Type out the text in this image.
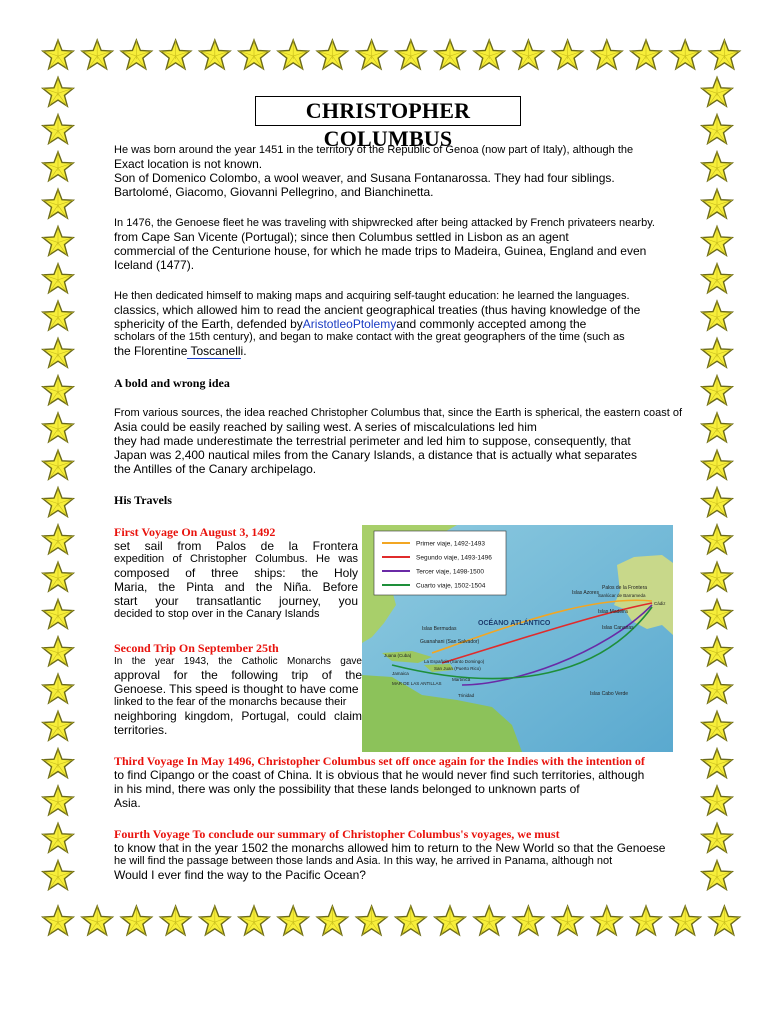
CHRISTOPHER COLUMBUS
He was born around the year 1451 in the territory of the Republic of Genoa (now part of Italy), although the
Exact location is not known.
Son of Domenico Colombo, a wool weaver, and Susana Fontanarossa. They had four siblings.
Bartolomé, Giacomo, Giovanni Pellegrino, and Bianchinetta.
In 1476, the Genoese fleet he was traveling with shipwrecked after being attacked by French privateers nearby.
from Cape San Vicente (Portugal); since then Columbus settled in Lisbon as an agent
commercial of the Centurione house, for which he made trips to Madeira, Guinea, England and even
Iceland (1477).
He then dedicated himself to making maps and acquiring self-taught education: he learned the languages.
classics, which allowed him to read the ancient geographical treaties (thus having knowledge of the
sphericity of the Earth, defended byAristotleoPtolemyand commonly accepted among the
scholars of the 15th century), and began to make contact with the great geographers of the time (such as
the Florentine Toscanelli.
A bold and wrong idea
From various sources, the idea reached Christopher Columbus that, since the Earth is spherical, the eastern coast of
Asia could be easily reached by sailing west. A series of miscalculations led him
they had made underestimate the terrestrial perimeter and led him to suppose, consequently, that
Japan was 2,400 nautical miles from the Canary Islands, a distance that is actually what separates
the Antilles of the Canary archipelago.
His Travels
First Voyage On August 3, 1492
set sail from Palos de la Frontera
expedition of Christopher Columbus. He was
composed of three ships: the Holy
Maria, the Pinta and the Niña. Before
start your transatlantic journey, you
decided to stop over in the Canary Islands
Second Trip On September 25th
In the year 1943, the Catholic Monarchs gave
approval for the following trip of the
Genoese. This speed is thought to have come
linked to the fear of the monarchs because their
neighboring kingdom, Portugal, could claim
territories.
Primer viaje, 1492-1493
Segundo viaje, 1493-1496
Tercer viaje, 1498-1500
Cuarto viaje, 1502-1504
OCÉANO ATLÁNTICO
Islas Azores
Palos de la Frontera
Sanlúcar de Barrameda
Cádiz
Islas Madeira
Islas Canarias
Islas Bermudas
Guanahani (San Salvador)
Juana (Cuba)
La Española (Santo Domingo)
San Juan (Puerto Rico)
Martinica
Jamaica
MAR DE LAS ANTILLAS
Trinidad	Islas Cabo Verde
Third Voyage In May 1496, Christopher Columbus set off once again for the Indies with the intention of
to find Cipango or the coast of China. It is obvious that he would never find such territories, although
in his mind, there was only the possibility that these lands belonged to unknown parts of
Asia.
Fourth Voyage To conclude our summary of Christopher Columbus's voyages, we must
to know that in the year 1502 the monarchs allowed him to return to the New World so that the Genoese
he will find the passage between those lands and Asia. In this way, he arrived in Panama, although not
Would I ever find the way to the Pacific Ocean?
